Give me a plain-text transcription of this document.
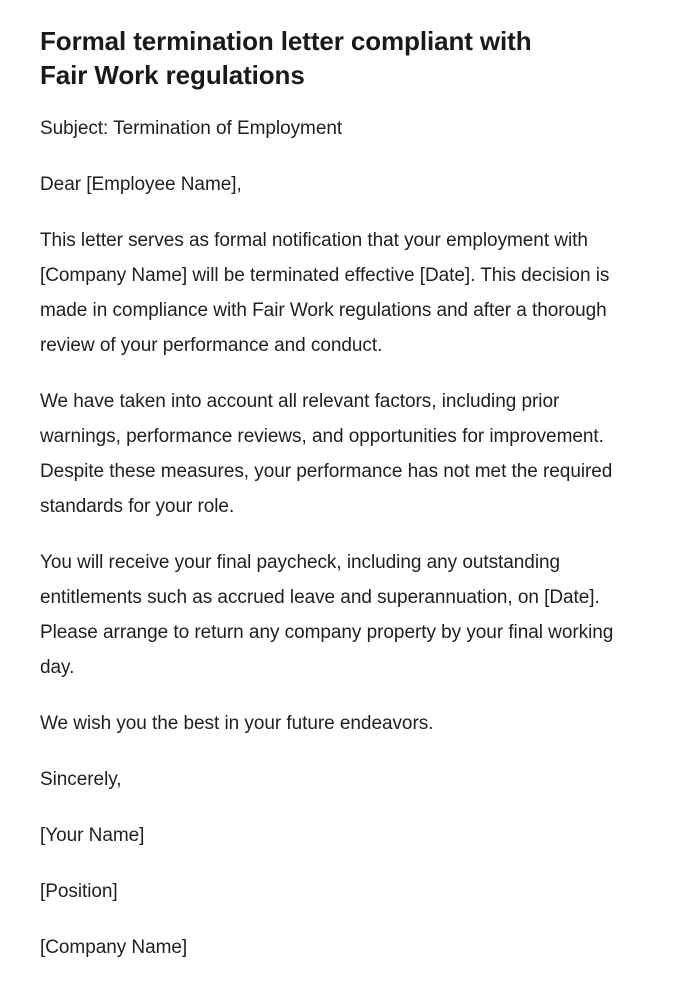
Formal termination letter compliant with Fair Work regulations

Subject: Termination of Employment

Dear [Employee Name],

This letter serves as formal notification that your employment with [Company Name] will be terminated effective [Date]. This decision is made in compliance with Fair Work regulations and after a thorough review of your performance and conduct.

We have taken into account all relevant factors, including prior warnings, performance reviews, and opportunities for improvement. Despite these measures, your performance has not met the required standards for your role.

You will receive your final paycheck, including any outstanding entitlements such as accrued leave and superannuation, on [Date]. Please arrange to return any company property by your final working day.

We wish you the best in your future endeavors.

Sincerely,

[Your Name]

[Position]

[Company Name]
